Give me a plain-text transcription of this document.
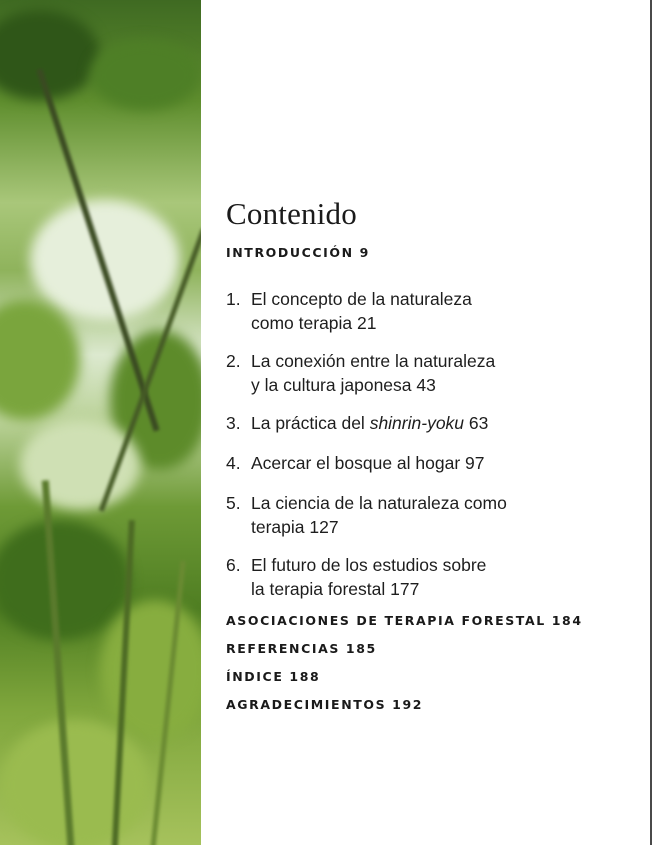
Contenido
INTRODUCCIÓN 9
1. El concepto de la naturaleza
como terapia 21
2. La conexión entre la naturaleza
y la cultura japonesa 43
3. La práctica del shinrin-yoku 63
4. Acercar el bosque al hogar 97
5. La ciencia de la naturaleza como
terapia 127
6. El futuro de los estudios sobre
la terapia forestal 177
ASOCIACIONES DE TERAPIA FORESTAL 184
REFERENCIAS 185
ÍNDICE 188
AGRADECIMIENTOS 192
